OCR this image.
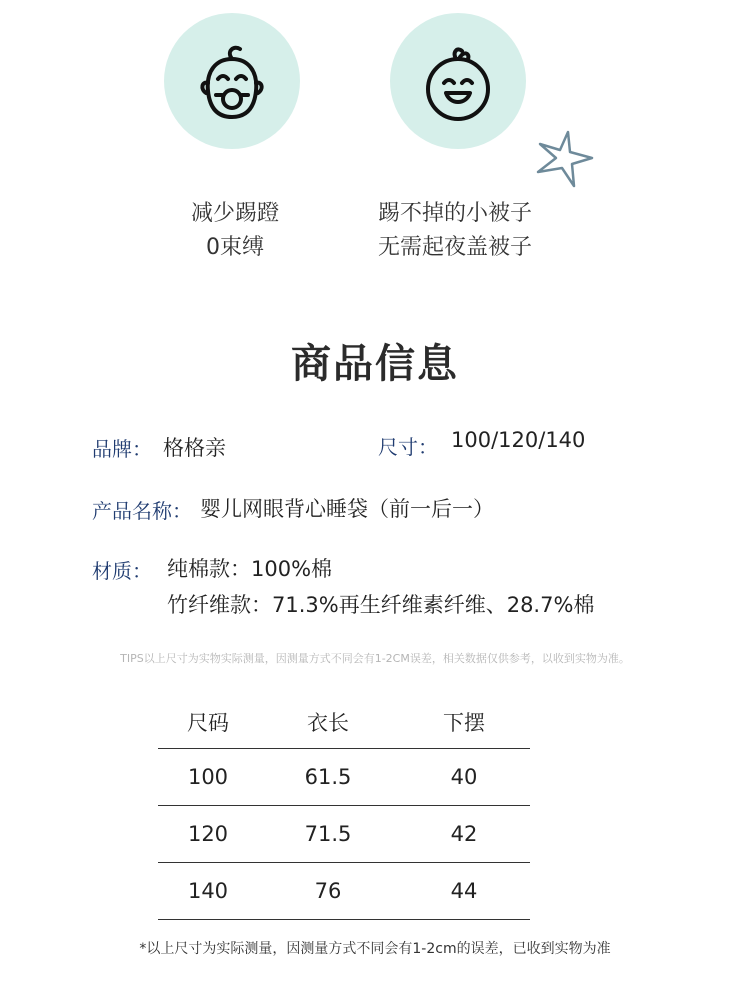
减少踢蹬
0束缚
踢不掉的小被子
无需起夜盖被子
商品信息
品牌： 格格亲	尺寸： 100/120/140
产品名称： 婴儿网眼背心睡袋（前一后一）
材质： 纯棉款：100%棉
竹纤维款：71.3%再生纤维素纤维、28.7%棉
TIPS以上尺寸为实物实际测量，因测量方式不同会有1-2CM误差，相关数据仅供参考，以收到实物为准。
尺码	衣长	下摆
100	61.5	40
120	71.5	42
140	76	44
*以上尺寸为实际测量，因测量方式不同会有1-2cm的误差，已收到实物为准
